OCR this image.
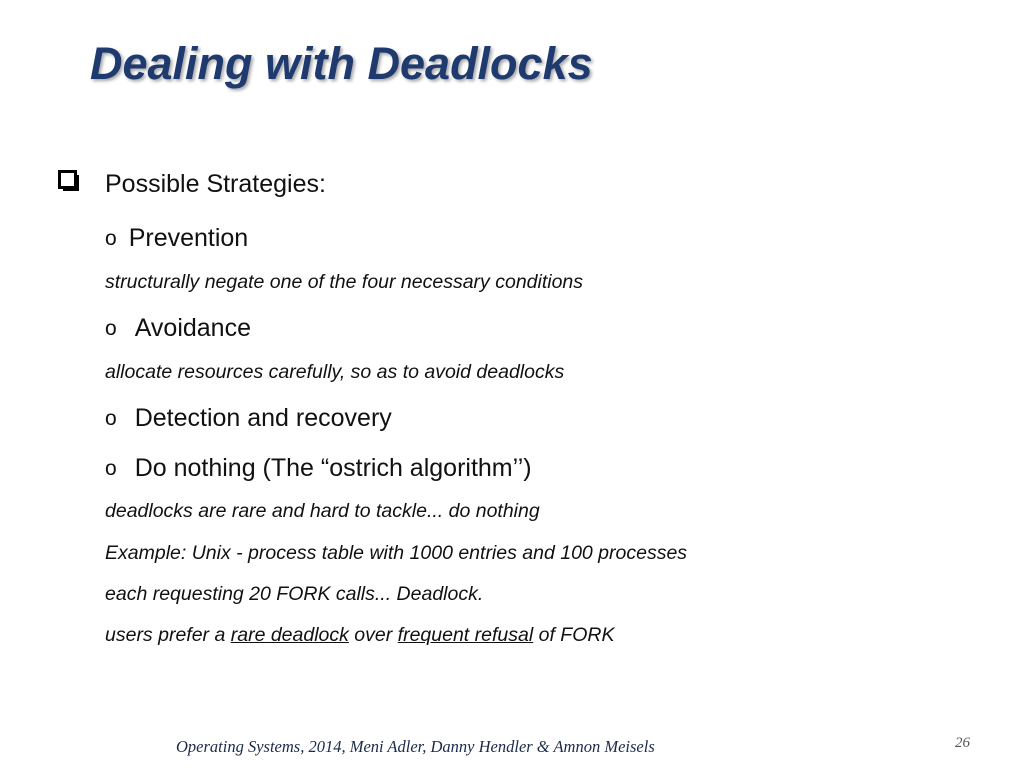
Dealing with Deadlocks
Possible Strategies:
o Prevention
structurally negate one of the four necessary conditions
o Avoidance
allocate resources carefully, so as to avoid deadlocks
o Detection and recovery
o Do nothing (The “ostrich algorithm’’)
deadlocks are rare and hard to tackle... do nothing
Example: Unix - process table with 1000 entries and 100 processes
each requesting 20 FORK calls... Deadlock.
users prefer a rare deadlock over frequent refusal of FORK
Operating Systems, 2014, Meni Adler, Danny Hendler & Amnon Meisels	26
